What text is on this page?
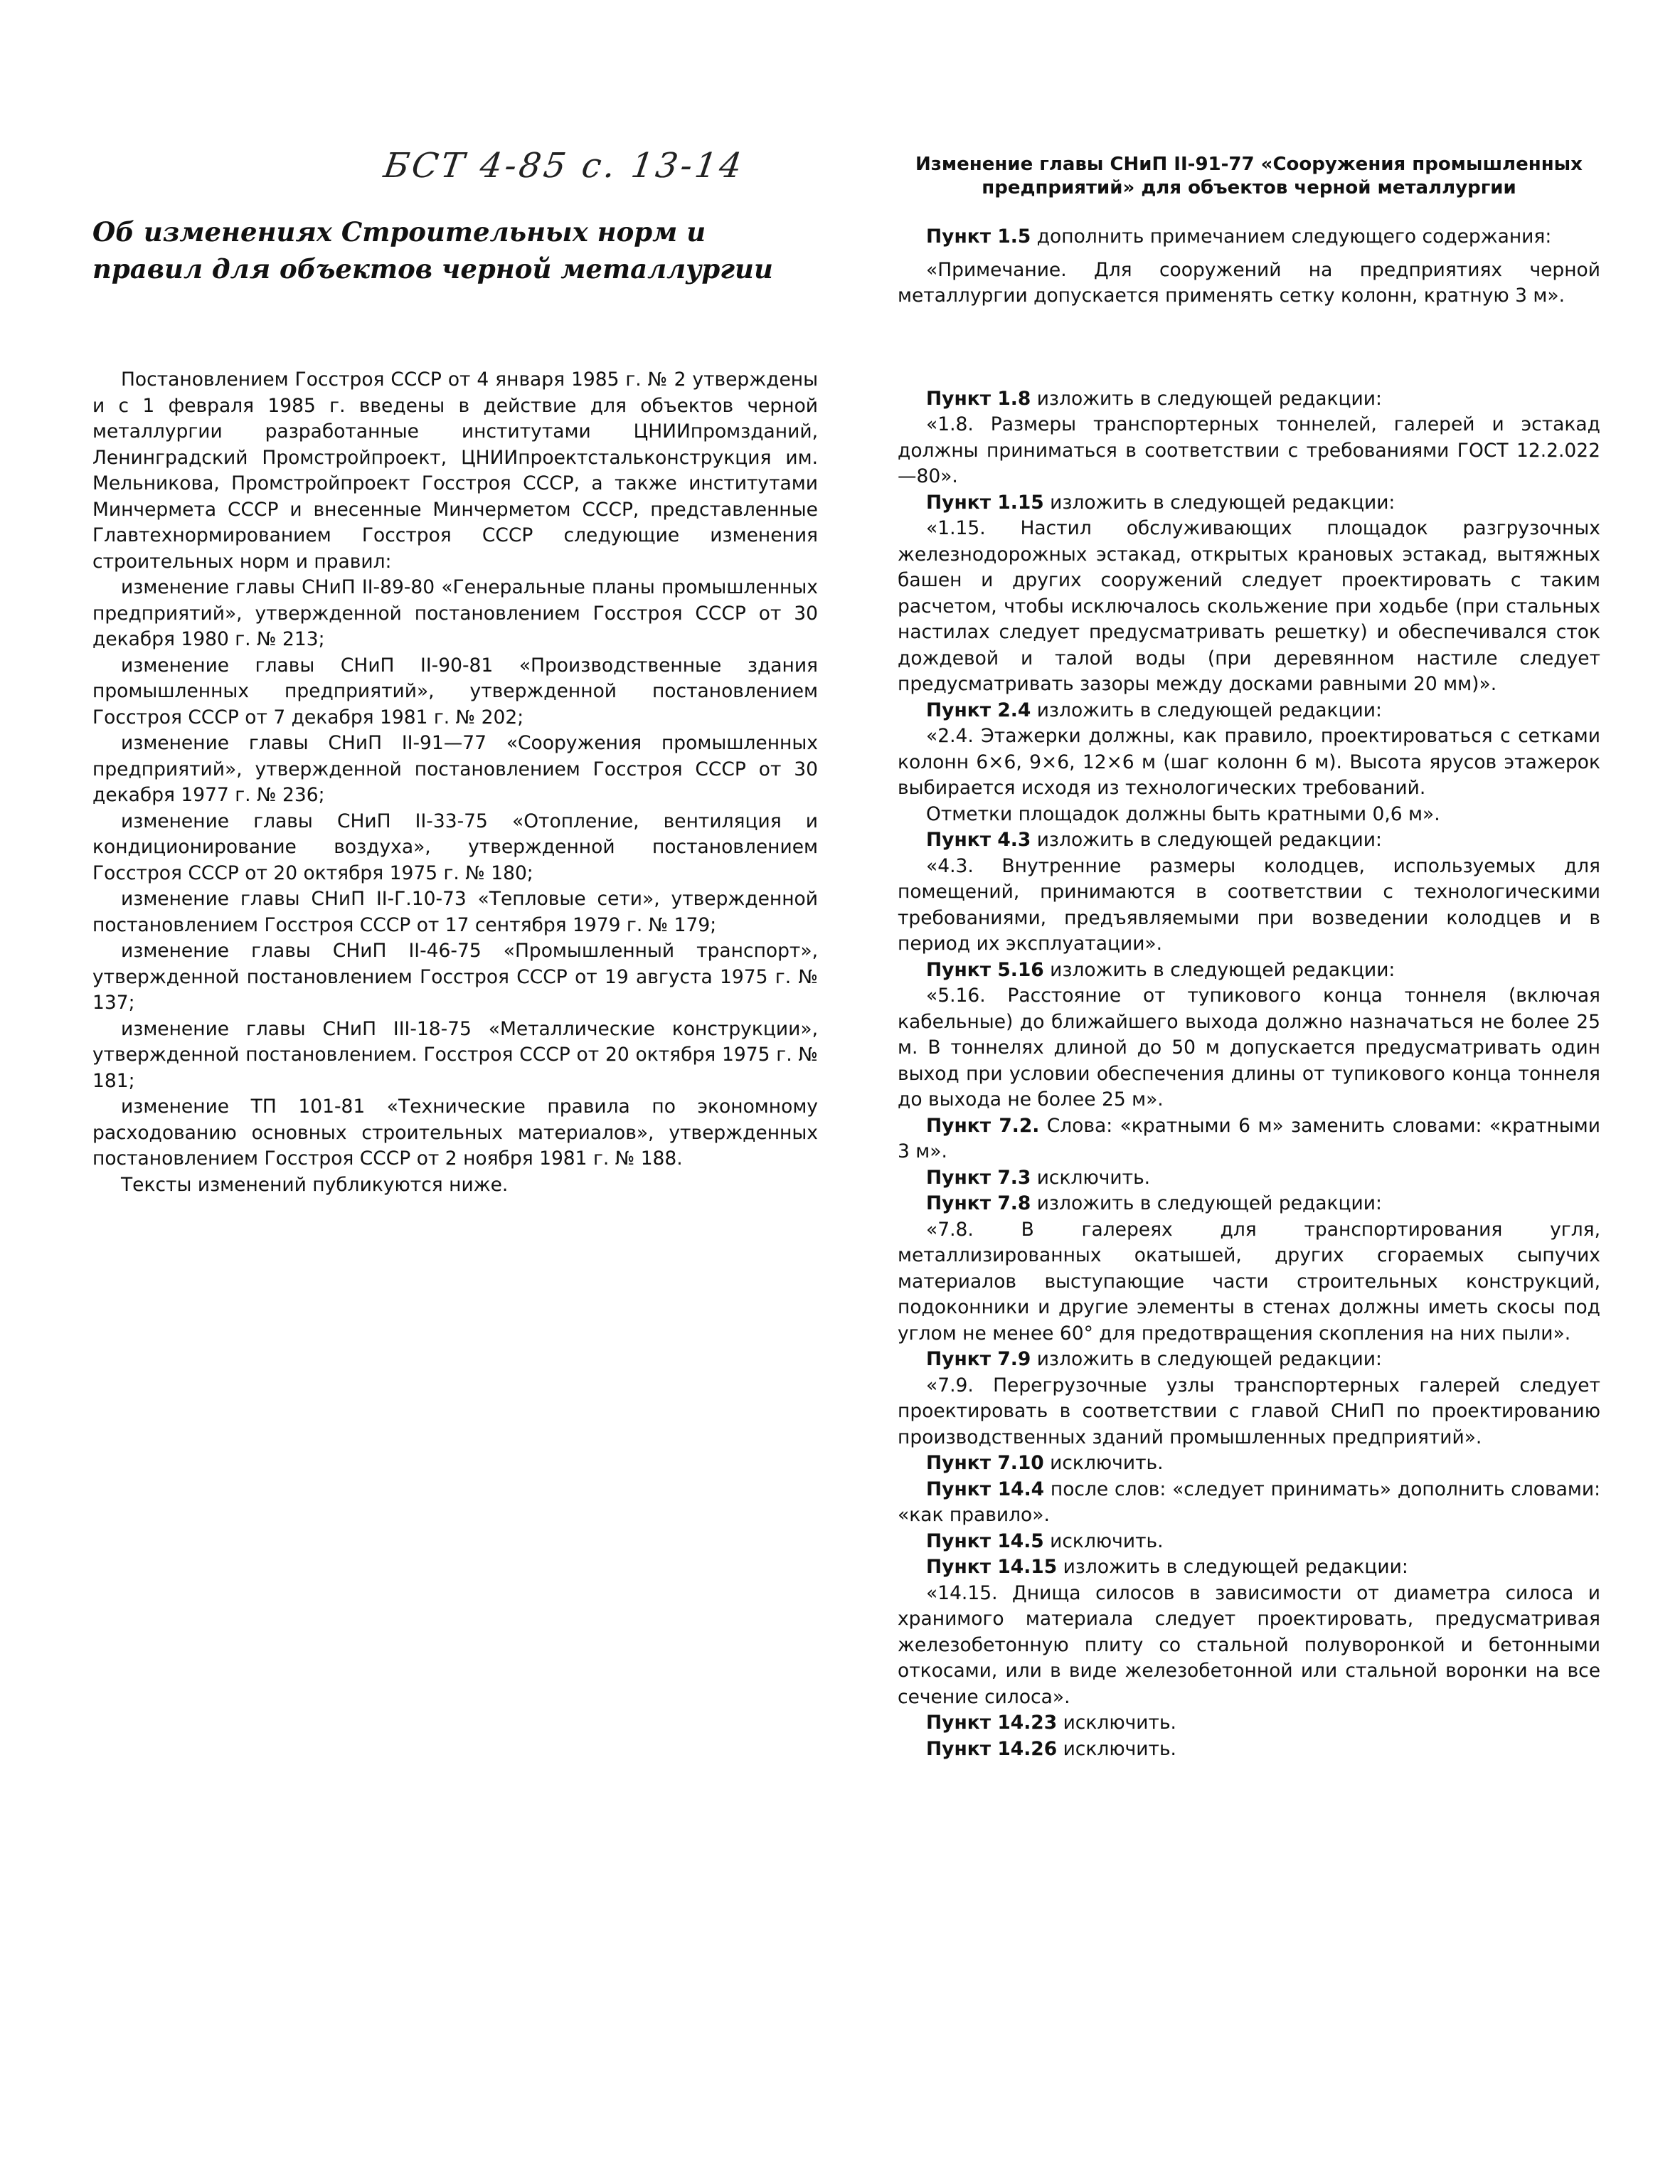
БСТ 4-85 с. 13-14
Об изменениях Строительных норм и правил для объектов черной металлургии

Постановлением Госстроя СССР от 4 января 1985 г. № 2 утверждены и с 1 февраля 1985 г. введены в действие для объектов черной металлургии разработанные институтами ЦНИИпромзданий, Ленинградский Промстройпроект, ЦНИИпроектстальконструкция им. Мельникова, Промстройпроект Госстроя СССР, а также институтами Минчермета СССР и внесенные Минчерметом СССР, представленные Главтехнормированием Госстроя СССР следующие изменения строительных норм и правил:

изменение главы СНиП II-89-80 «Генеральные планы промышленных предприятий», утвержденной постановлением Госстроя СССР от 30 декабря 1980 г. № 213;

изменение главы СНиП II-90-81 «Производственные здания промышленных предприятий», утвержденной постановлением Госстроя СССР от 7 декабря 1981 г. № 202;

изменение главы СНиП II-91—77 «Сооружения промышленных предприятий», утвержденной постановлением Госстроя СССР от 30 декабря 1977 г. № 236;

изменение главы СНиП II-33-75 «Отопление, вентиляция и кондиционирование воздуха», утвержденной постановлением Госстроя СССР от 20 октября 1975 г. № 180;

изменение главы СНиП II-Г.10-73 «Тепловые сети», утвержденной постановлением Госстроя СССР от 17 сентября 1979 г. № 179;

изменение главы СНиП II-46-75 «Промышленный транспорт», утвержденной постановлением Госстроя СССР от 19 августа 1975 г. № 137;

изменение главы СНиП III-18-75 «Металлические конструкции», утвержденной постановлением. Госстроя СССР от 20 октября 1975 г. № 181;

изменение ТП 101-81 «Технические правила по экономному расходованию основных строительных материалов», утвержденных постановлением Госстроя СССР от 2 ноября 1981 г. № 188.

Тексты изменений публикуются ниже.

Изменение главы СНиП II-91-77 «Сооружения промышленных предприятий» для объектов черной металлургии

Пункт 1.5 дополнить примечанием следующего содержания:

«Примечание. Для сооружений на предприятиях черной металлургии допускается применять сетку колонн, кратную 3 м».

Пункт 1.8 изложить в следующей редакции:

«1.8. Размеры транспортерных тоннелей, галерей и эстакад должны приниматься в соответствии с требованиями ГОСТ 12.2.022—80».

Пункт 1.15 изложить в следующей редакции:

«1.15. Настил обслуживающих площадок разгрузочных железнодорожных эстакад, открытых крановых эстакад, вытяжных башен и других сооружений следует проектировать с таким расчетом, чтобы исключалось скольжение при ходьбе (при стальных настилах следует предусматривать решетку) и обеспечивался сток дождевой и талой воды (при деревянном настиле следует предусматривать зазоры между досками равными 20 мм)».

Пункт 2.4 изложить в следующей редакции:

«2.4. Этажерки должны, как правило, проектироваться с сетками колонн 6×6, 9×6, 12×6 м (шаг колонн 6 м). Высота ярусов этажерок выбирается исходя из технологических требований.

Отметки площадок должны быть кратными 0,6 м».

Пункт 4.3 изложить в следующей редакции:

«4.3. Внутренние размеры колодцев, используемых для помещений, принимаются в соответствии с технологическими требованиями, предъявляемыми при возведении колодцев и в период их эксплуатации».

Пункт 5.16 изложить в следующей редакции:

«5.16. Расстояние от тупикового конца тоннеля (включая кабельные) до ближайшего выхода должно назначаться не более 25 м. В тоннелях длиной до 50 м допускается предусматривать один выход при условии обеспечения длины от тупикового конца тоннеля до выхода не более 25 м».

Пункт 7.2. Слова: «кратными 6 м» заменить словами: «кратными 3 м».

Пункт 7.3 исключить.

Пункт 7.8 изложить в следующей редакции:

«7.8. В галереях для транспортирования угля, металлизированных окатышей, других сгораемых сыпучих материалов выступающие части строительных конструкций, подоконники и другие элементы в стенах должны иметь скосы под углом не менее 60° для предотвращения скопления на них пыли».

Пункт 7.9 изложить в следующей редакции:

«7.9. Перегрузочные узлы транспортерных галерей следует проектировать в соответствии с главой СНиП по проектированию производственных зданий промышленных предприятий».

Пункт 7.10 исключить.

Пункт 14.4 после слов: «следует принимать» дополнить словами: «как правило».

Пункт 14.5 исключить.

Пункт 14.15 изложить в следующей редакции:

«14.15. Днища силосов в зависимости от диаметра силоса и хранимого материала следует проектировать, предусматривая железобетонную плиту со стальной полуворонкой и бетонными откосами, или в виде железобетонной или стальной воронки на все сечение силоса».

Пункт 14.23 исключить.

Пункт 14.26 исключить.
